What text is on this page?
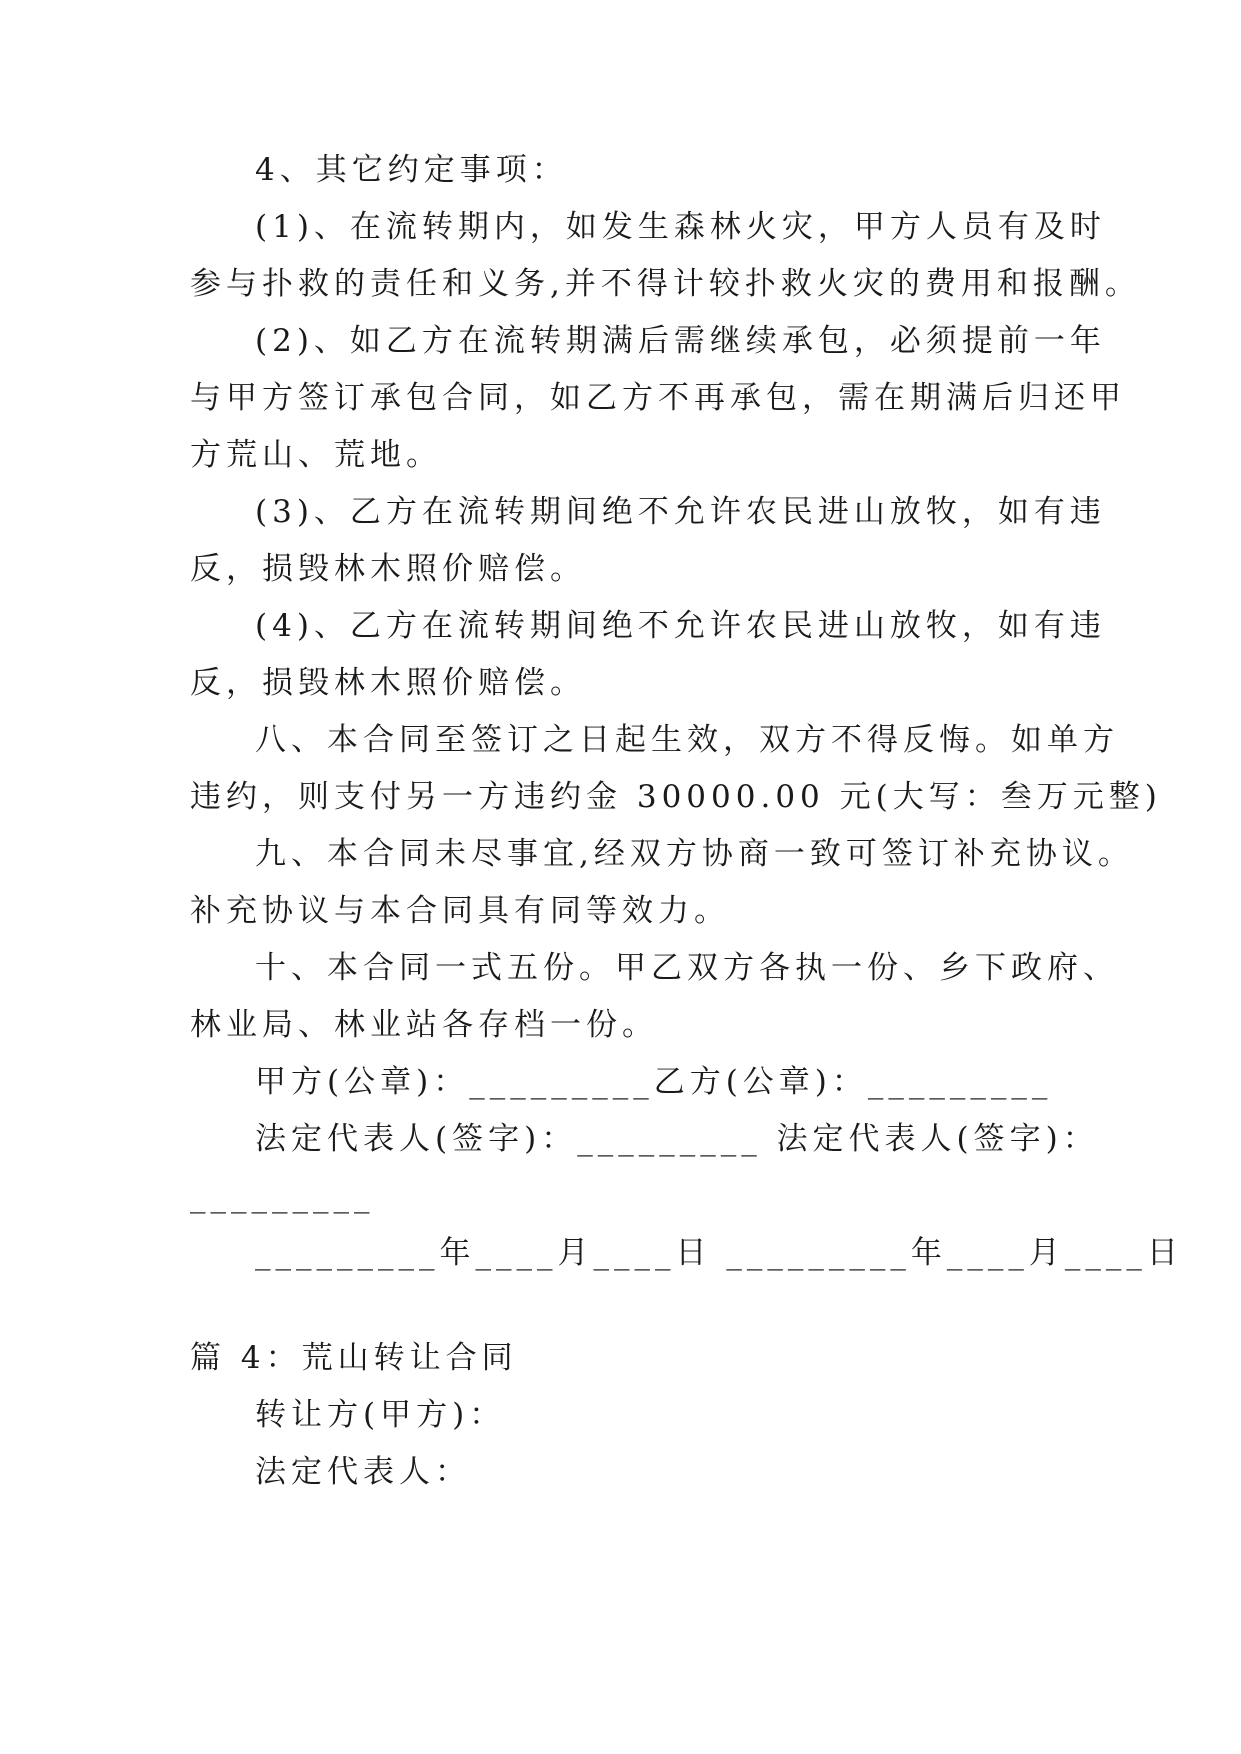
4、其它约定事项：
(1)、在流转期内，如发生森林火灾，甲方人员有及时
参与扑救的责任和义务,并不得计较扑救火灾的费用和报酬。
(2)、如乙方在流转期满后需继续承包，必须提前一年
与甲方签订承包合同，如乙方不再承包，需在期满后归还甲
方荒山、荒地。
(3)、乙方在流转期间绝不允许农民进山放牧，如有违
反，损毁林木照价赔偿。
(4)、乙方在流转期间绝不允许农民进山放牧，如有违
反，损毁林木照价赔偿。
八、本合同至签订之日起生效，双方不得反悔。如单方
违约，则支付另一方违约金 30000.00 元(大写：叁万元整)
九、本合同未尽事宜,经双方协商一致可签订补充协议。
补充协议与本合同具有同等效力。
十、本合同一式五份。甲乙双方各执一份、乡下政府、
林业局、林业站各存档一份。
甲方(公章)：_________乙方(公章)：_________
法定代表人(签字)：_________ 法定代表人(签字)：
_________
_________年____月____日 _________年____月____日
篇 4：荒山转让合同
转让方(甲方)：
法定代表人：
